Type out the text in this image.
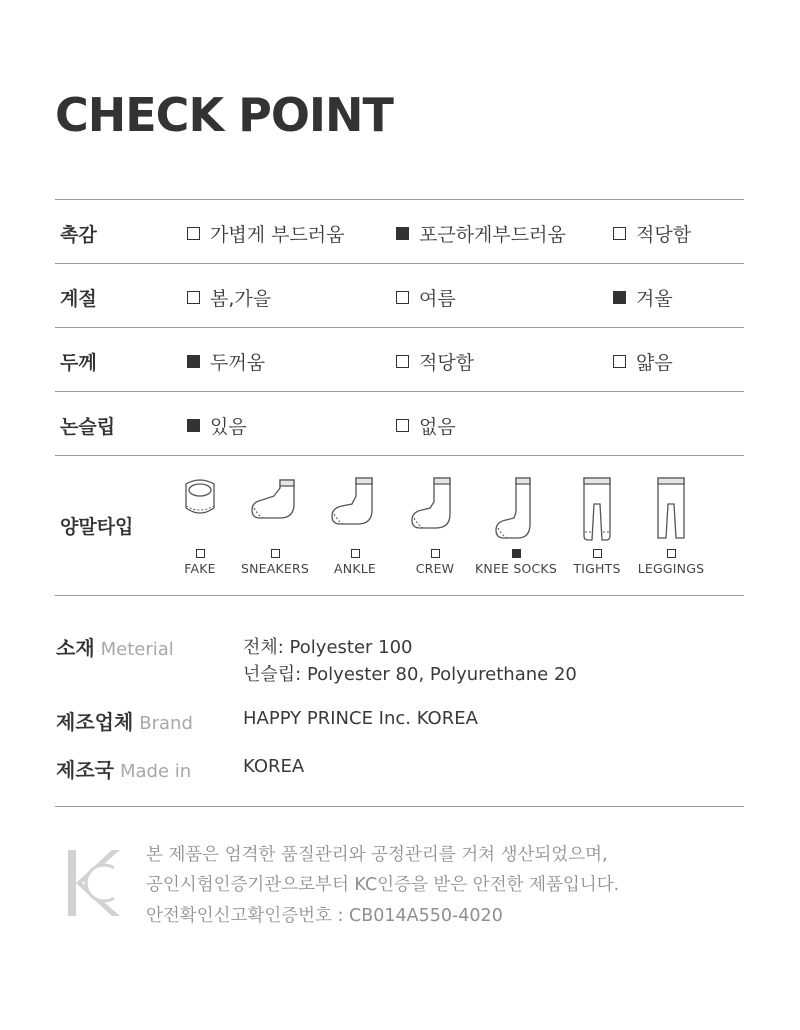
CHECK POINT
촉감	가볍게 부드러움	포근하게부드러움	적당함
계절	봄,가을	여름	겨울
두께	두꺼움	적당함	얇음
논슬립	있음	없음
양말타입
FAKE	SNEAKERS	ANKLE	CREW	KNEE SOCKS	TIGHTS	LEGGINGS
소재 Meterial	전체: Polyester 100
넌슬립: Polyester 80, Polyurethane 20
제조업체 Brand	HAPPY PRINCE Inc. KOREA
제조국 Made in	KOREA
본 제품은 엄격한 품질관리와 공정관리를 거쳐 생산되었으며,
공인시험인증기관으로부터 KC인증을 받은 안전한 제품입니다.
안전확인신고확인증번호 : CB014A550-4020
